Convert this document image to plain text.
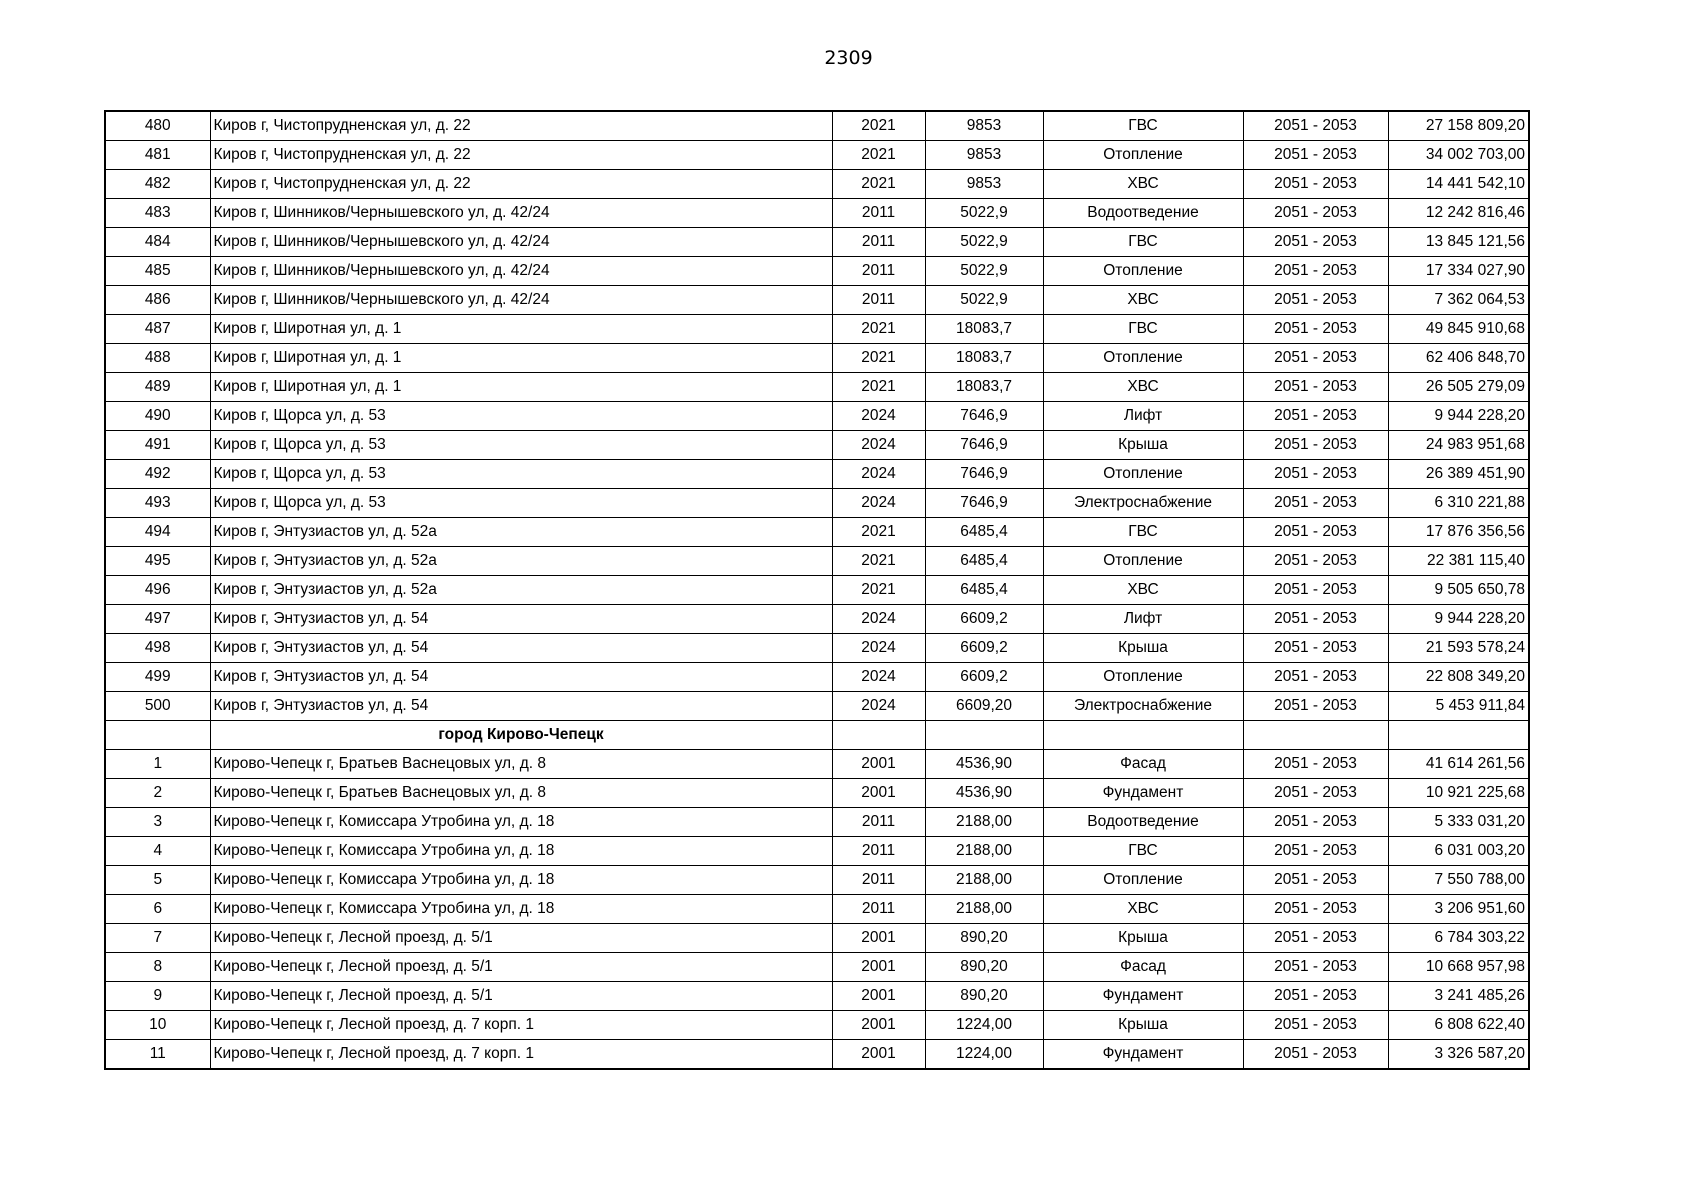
2309
480	Киров г, Чистопрудненская ул, д. 22	2021	9853	ГВС	2051 - 2053	27 158 809,20
481	Киров г, Чистопрудненская ул, д. 22	2021	9853	Отопление	2051 - 2053	34 002 703,00
482	Киров г, Чистопрудненская ул, д. 22	2021	9853	ХВС	2051 - 2053	14 441 542,10
483	Киров г, Шинников/Чернышевского ул, д. 42/24	2011	5022,9	Водоотведение	2051 - 2053	12 242 816,46
484	Киров г, Шинников/Чернышевского ул, д. 42/24	2011	5022,9	ГВС	2051 - 2053	13 845 121,56
485	Киров г, Шинников/Чернышевского ул, д. 42/24	2011	5022,9	Отопление	2051 - 2053	17 334 027,90
486	Киров г, Шинников/Чернышевского ул, д. 42/24	2011	5022,9	ХВС	2051 - 2053	7 362 064,53
487	Киров г, Широтная ул, д. 1	2021	18083,7	ГВС	2051 - 2053	49 845 910,68
488	Киров г, Широтная ул, д. 1	2021	18083,7	Отопление	2051 - 2053	62 406 848,70
489	Киров г, Широтная ул, д. 1	2021	18083,7	ХВС	2051 - 2053	26 505 279,09
490	Киров г, Щорса ул, д. 53	2024	7646,9	Лифт	2051 - 2053	9 944 228,20
491	Киров г, Щорса ул, д. 53	2024	7646,9	Крыша	2051 - 2053	24 983 951,68
492	Киров г, Щорса ул, д. 53	2024	7646,9	Отопление	2051 - 2053	26 389 451,90
493	Киров г, Щорса ул, д. 53	2024	7646,9	Электроснабжение	2051 - 2053	6 310 221,88
494	Киров г, Энтузиастов ул, д. 52а	2021	6485,4	ГВС	2051 - 2053	17 876 356,56
495	Киров г, Энтузиастов ул, д. 52а	2021	6485,4	Отопление	2051 - 2053	22 381 115,40
496	Киров г, Энтузиастов ул, д. 52а	2021	6485,4	ХВС	2051 - 2053	9 505 650,78
497	Киров г, Энтузиастов ул, д. 54	2024	6609,2	Лифт	2051 - 2053	9 944 228,20
498	Киров г, Энтузиастов ул, д. 54	2024	6609,2	Крыша	2051 - 2053	21 593 578,24
499	Киров г, Энтузиастов ул, д. 54	2024	6609,2	Отопление	2051 - 2053	22 808 349,20
500	Киров г, Энтузиастов ул, д. 54	2024	6609,20	Электроснабжение	2051 - 2053	5 453 911,84
	город Кирово-Чепецк					
1	Кирово-Чепецк г, Братьев Васнецовых ул, д. 8	2001	4536,90	Фасад	2051 - 2053	41 614 261,56
2	Кирово-Чепецк г, Братьев Васнецовых ул, д. 8	2001	4536,90	Фундамент	2051 - 2053	10 921 225,68
3	Кирово-Чепецк г, Комиссара Утробина ул, д. 18	2011	2188,00	Водоотведение	2051 - 2053	5 333 031,20
4	Кирово-Чепецк г, Комиссара Утробина ул, д. 18	2011	2188,00	ГВС	2051 - 2053	6 031 003,20
5	Кирово-Чепецк г, Комиссара Утробина ул, д. 18	2011	2188,00	Отопление	2051 - 2053	7 550 788,00
6	Кирово-Чепецк г, Комиссара Утробина ул, д. 18	2011	2188,00	ХВС	2051 - 2053	3 206 951,60
7	Кирово-Чепецк г, Лесной проезд, д. 5/1	2001	890,20	Крыша	2051 - 2053	6 784 303,22
8	Кирово-Чепецк г, Лесной проезд, д. 5/1	2001	890,20	Фасад	2051 - 2053	10 668 957,98
9	Кирово-Чепецк г, Лесной проезд, д. 5/1	2001	890,20	Фундамент	2051 - 2053	3 241 485,26
10	Кирово-Чепецк г, Лесной проезд, д. 7 корп. 1	2001	1224,00	Крыша	2051 - 2053	6 808 622,40
11	Кирово-Чепецк г, Лесной проезд, д. 7 корп. 1	2001	1224,00	Фундамент	2051 - 2053	3 326 587,20
